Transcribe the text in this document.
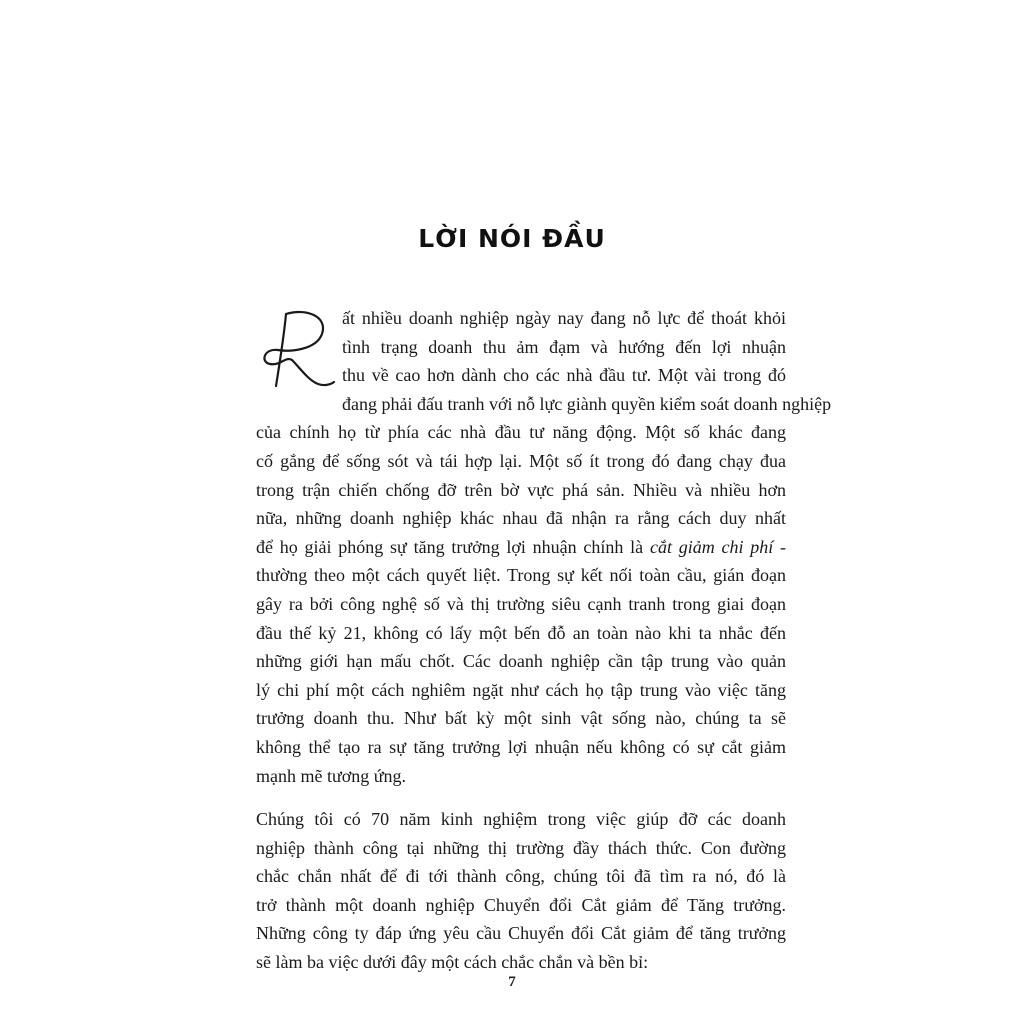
LỜI NÓI ĐẦU
ất nhiều doanh nghiệp ngày nay đang nỗ lực để thoát khỏi
tình trạng doanh thu ảm đạm và hướng đến lợi nhuận
thu về cao hơn dành cho các nhà đầu tư. Một vài trong đó
đang phải đấu tranh với nỗ lực giành quyền kiểm soát doanh nghiệp
của chính họ từ phía các nhà đầu tư năng động. Một số khác đang
cố gắng để sống sót và tái hợp lại. Một số ít trong đó đang chạy đua
trong trận chiến chống đỡ trên bờ vực phá sản. Nhiều và nhiều hơn
nữa, những doanh nghiệp khác nhau đã nhận ra rằng cách duy nhất
để họ giải phóng sự tăng trưởng lợi nhuận chính là cắt giảm chi phí -
thường theo một cách quyết liệt. Trong sự kết nối toàn cầu, gián đoạn
gây ra bởi công nghệ số và thị trường siêu cạnh tranh trong giai đoạn
đầu thế kỷ 21, không có lấy một bến đỗ an toàn nào khi ta nhắc đến
những giới hạn mấu chốt. Các doanh nghiệp cần tập trung vào quản
lý chi phí một cách nghiêm ngặt như cách họ tập trung vào việc tăng
trưởng doanh thu. Như bất kỳ một sinh vật sống nào, chúng ta sẽ
không thể tạo ra sự tăng trưởng lợi nhuận nếu không có sự cắt giảm
mạnh mẽ tương ứng.
Chúng tôi có 70 năm kinh nghiệm trong việc giúp đỡ các doanh
nghiệp thành công tại những thị trường đầy thách thức. Con đường
chắc chắn nhất để đi tới thành công, chúng tôi đã tìm ra nó, đó là
trở thành một doanh nghiệp Chuyển đổi Cắt giảm để Tăng trưởng.
Những công ty đáp ứng yêu cầu Chuyển đổi Cắt giảm để tăng trưởng
sẽ làm ba việc dưới đây một cách chắc chắn và bền bỉ:
7
